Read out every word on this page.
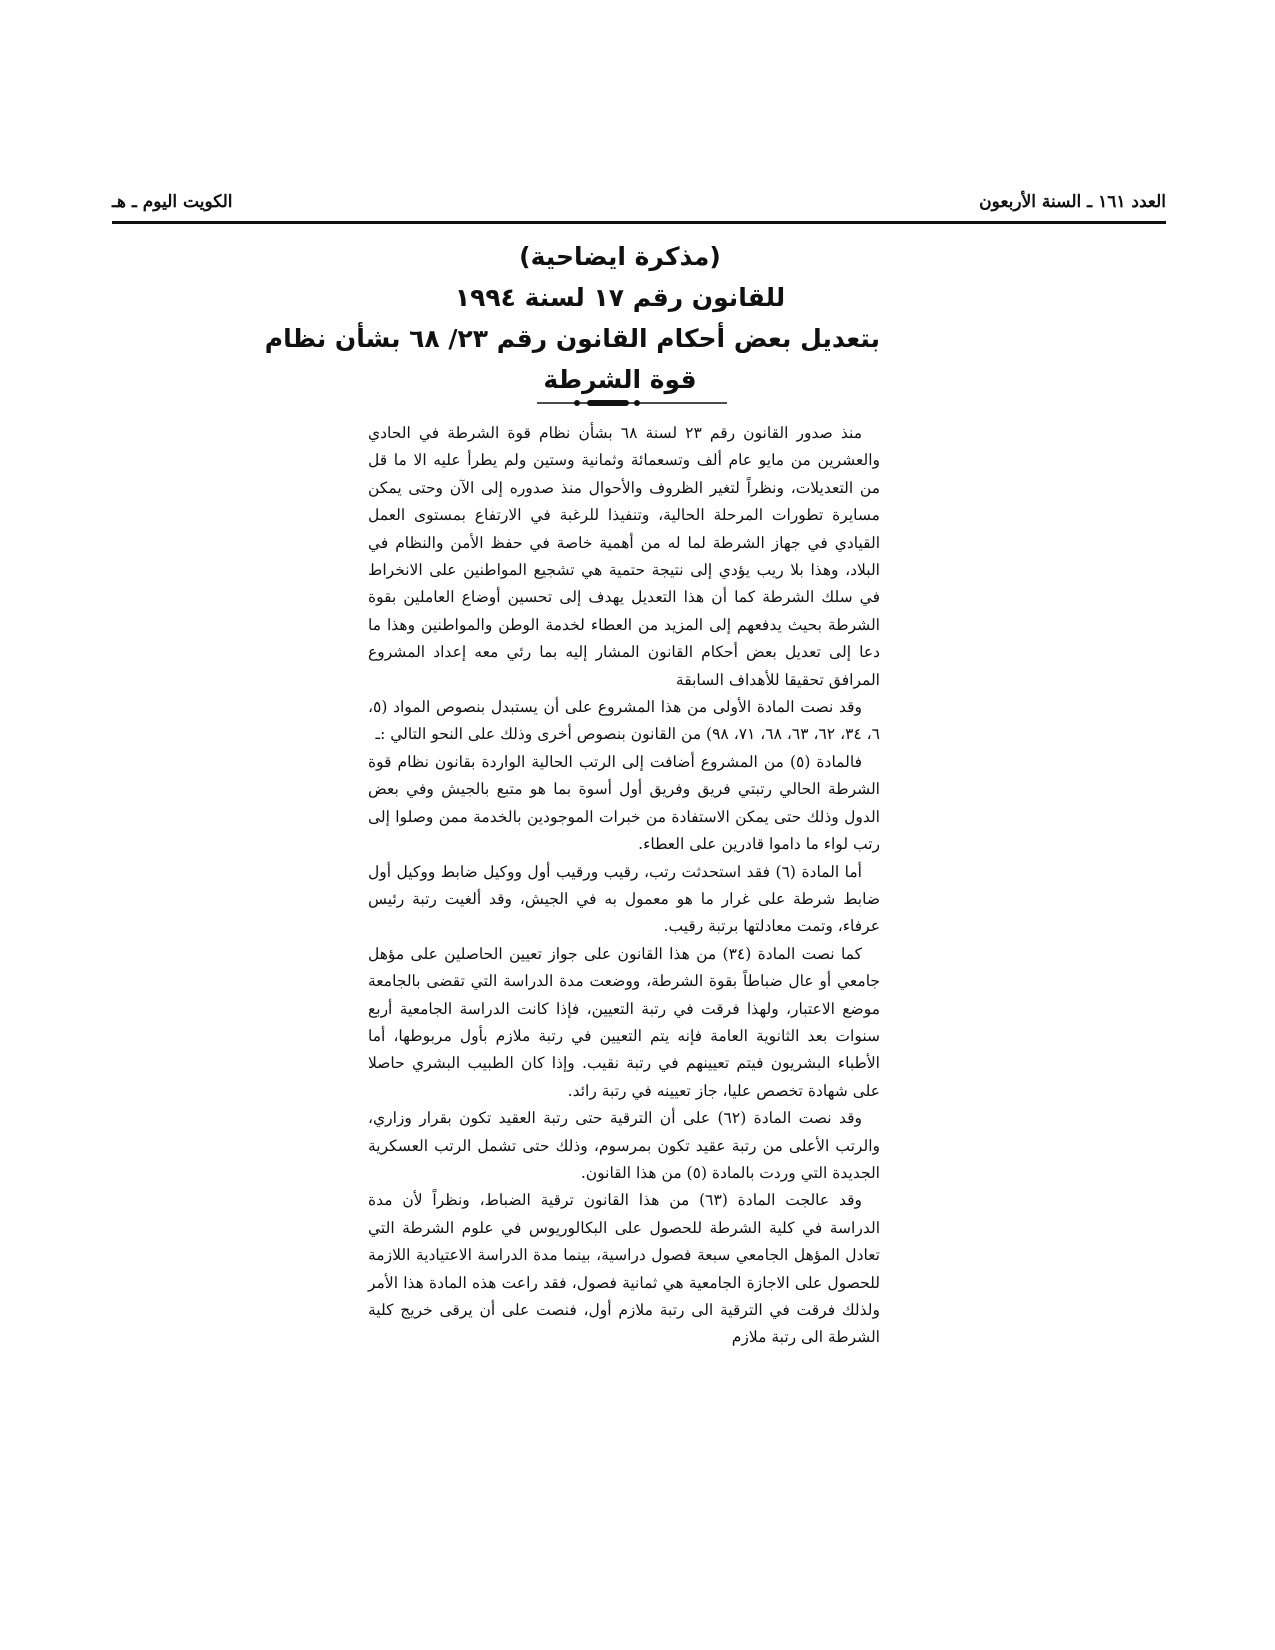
العدد ١٦١ ـ السنة الأربعون
الكويت اليوم ـ هـ
(مذكرة ايضاحية)
للقانون رقم ١٧ لسنة ١٩٩٤
بتعديل بعض أحكام القانون رقم ٢٣/ ٦٨ بشأن نظام
قوة الشرطة

منذ صدور القانون رقم ٢٣ لسنة ٦٨ بشأن نظام قوة الشرطة في الحادي والعشرين من مايو عام ألف وتسعمائة وثمانية وستين ولم يطرأ عليه الا ما قل من التعديلات، ونظراً لتغير الظروف والأحوال منذ صدوره إلى الآن وحتى يمكن مسايرة تطورات المرحلة الحالية، وتنفيذا للرغبة في الارتفاع بمستوى العمل القيادي في جهاز الشرطة لما له من أهمية خاصة في حفظ الأمن والنظام في البلاد، وهذا بلا ريب يؤدي إلى نتيجة حتمية هي تشجيع المواطنين على الانخراط في سلك الشرطة كما أن هذا التعديل يهدف إلى تحسين أوضاع العاملين بقوة الشرطة بحيث يدفعهم إلى المزيد من العطاء لخدمة الوطن والمواطنين وهذا ما دعا إلى تعديل بعض أحكام القانون المشار إليه بما رئي معه إعداد المشروع المرافق تحقيقا للأهداف السابقة

وقد نصت المادة الأولى من هذا المشروع على أن يستبدل بنصوص المواد (٥، ٦، ٣٤، ٦٢، ٦٣، ٦٨، ٧١، ٩٨) من القانون بنصوص أخرى وذلك على النحو التالي :ـ

فالمادة (٥) من المشروع أضافت إلى الرتب الحالية الواردة بقانون نظام قوة الشرطة الحالي رتبتي فريق وفريق أول أسوة بما هو متبع بالجيش وفي بعض الدول وذلك حتى يمكن الاستفادة من خبرات الموجودين بالخدمة ممن وصلوا إلى رتب لواء ما داموا قادرين على العطاء.

أما المادة (٦) فقد استحدثت رتب، رقيب ورقيب أول ووكيل ضابط ووكيل أول ضابط شرطة على غرار ما هو معمول به في الجيش، وقد ألغيت رتبة رئيس عرفاء، وتمت معادلتها برتبة رقيب.

كما نصت المادة (٣٤) من هذا القانون على جواز تعيين الحاصلين على مؤهل جامعي أو عال ضباطاً بقوة الشرطة، ووضعت مدة الدراسة التي تقضى بالجامعة موضع الاعتبار، ولهذا فرقت في رتبة التعيين، فإذا كانت الدراسة الجامعية أربع سنوات بعد الثانوية العامة فإنه يتم التعيين في رتبة ملازم بأول مربوطها، أما الأطباء البشريون فيتم تعيينهم في رتبة نقيب. وإذا كان الطبيب البشري حاصلا على شهادة تخصص عليا، جاز تعيينه في رتبة رائد.

وقد نصت المادة (٦٢) على أن الترقية حتى رتبة العقيد تكون بقرار وزاري، والرتب الأعلى من رتبة عقيد تكون بمرسوم، وذلك حتى تشمل الرتب العسكرية الجديدة التي وردت بالمادة (٥) من هذا القانون.

وقد عالجت المادة (٦٣) من هذا القانون ترقية الضباط، ونظراً لأن مدة الدراسة في كلية الشرطة للحصول على البكالوريوس في علوم الشرطة التي تعادل المؤهل الجامعي سبعة فصول دراسية، بينما مدة الدراسة الاعتيادية اللازمة للحصول على الاجازة الجامعية هي ثمانية فصول، فقد راعت هذه المادة هذا الأمر ولذلك فرقت في الترقية الى رتبة ملازم أول، فنصت على أن يرقى خريج كلية الشرطة الى رتبة ملازم
